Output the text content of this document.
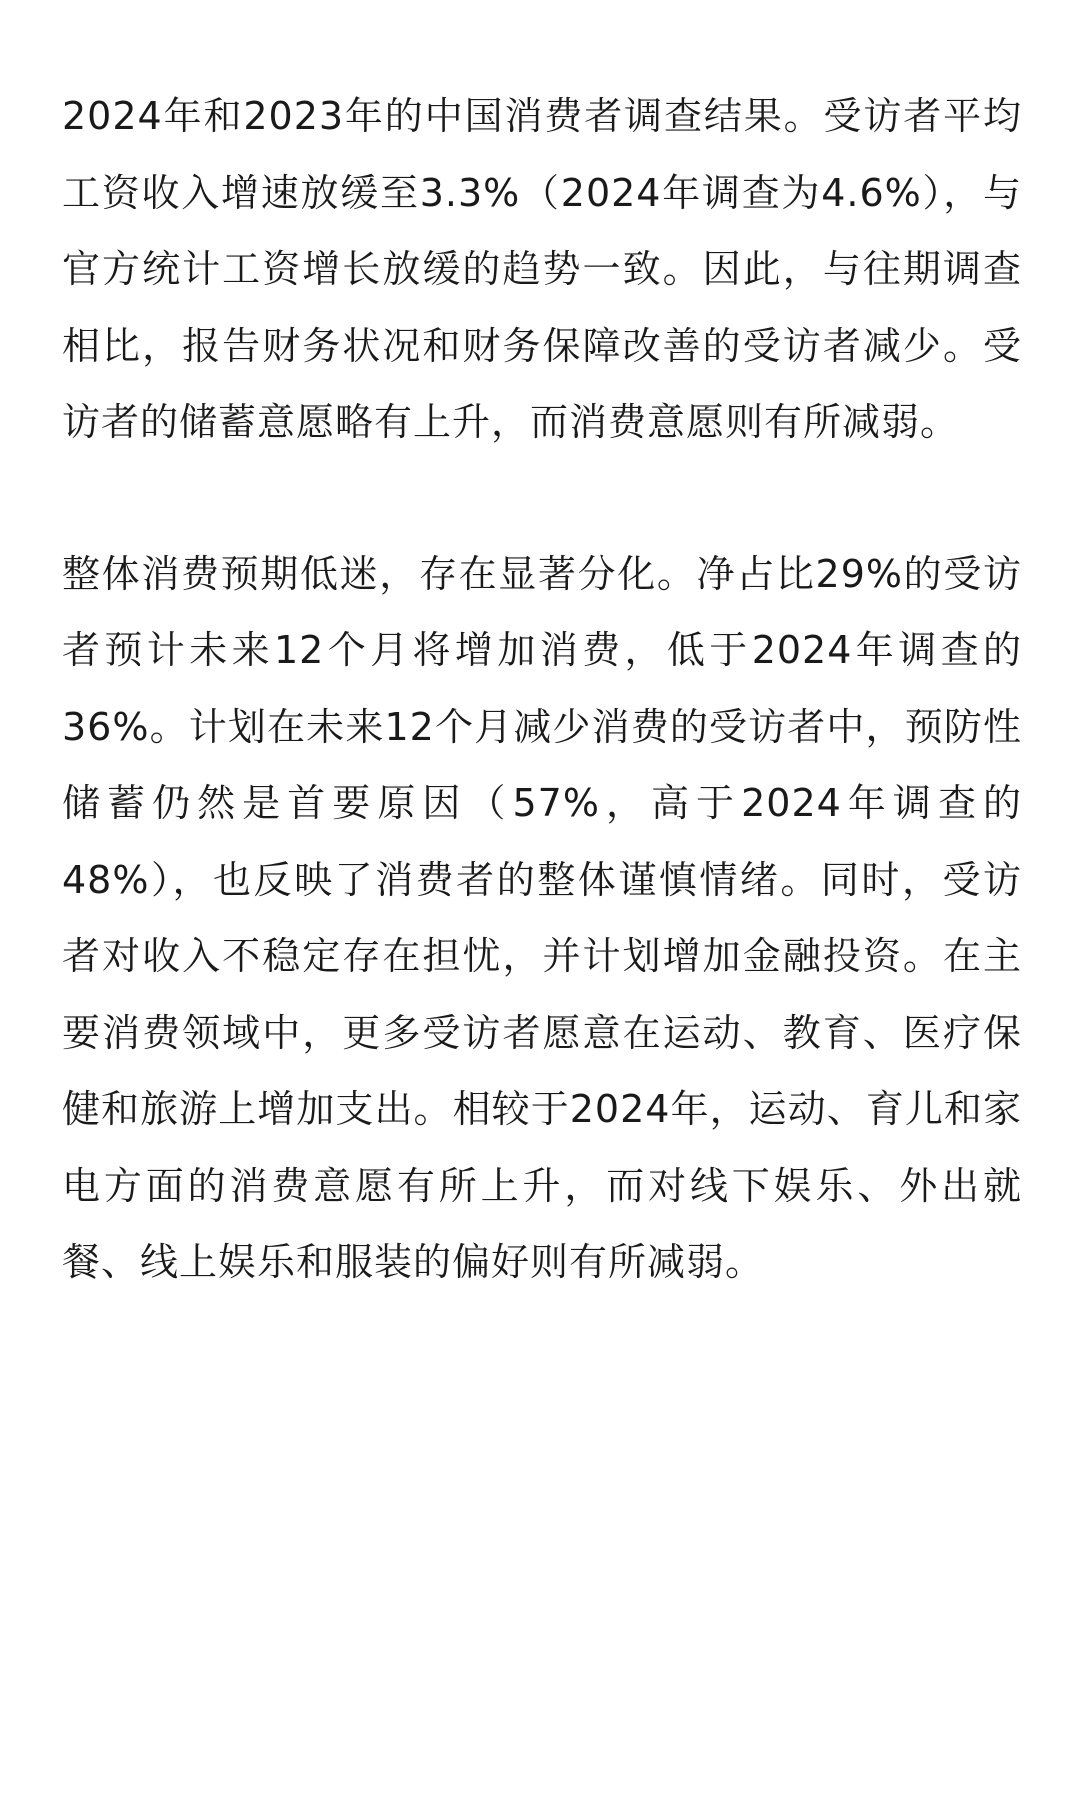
2024年和2023年的中国消费者调查结果。受访者平均工资收入增速放缓至3.3%（2024年调查为4.6%），与官方统计工资增长放缓的趋势一致。因此，与往期调查相比，报告财务状况和财务保障改善的受访者减少。受访者的储蓄意愿略有上升，而消费意愿则有所减弱。

整体消费预期低迷，存在显著分化。净占比29%的受访者预计未来12个月将增加消费，低于2024年调查的36%。计划在未来12个月减少消费的受访者中，预防性储蓄仍然是首要原因（57%，高于2024年调查的48%），也反映了消费者的整体谨慎情绪。同时，受访者对收入不稳定存在担忧，并计划增加金融投资。在主要消费领域中，更多受访者愿意在运动、教育、医疗保健和旅游上增加支出。相较于2024年，运动、育儿和家电方面的消费意愿有所上升，而对线下娱乐、外出就餐、线上娱乐和服装的偏好则有所减弱。
